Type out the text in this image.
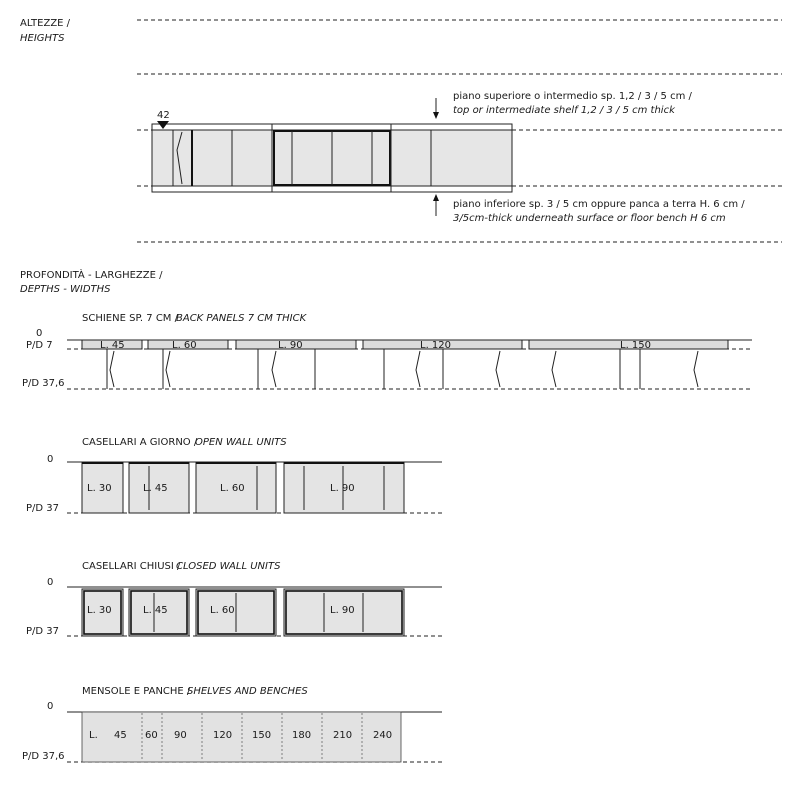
ALTEZZE /
HEIGHTS
42
piano superiore o intermedio sp. 1,2 / 3 / 5 cm /
top or intermediate shelf 1,2 / 3 / 5 cm thick
piano inferiore sp. 3 / 5 cm oppure panca a terra H. 6 cm /
3/5cm-thick underneath surface or floor bench H 6 cm
PROFONDITÀ - LARGHEZZE /
DEPTHS - WIDTHS
SCHIENE SP. 7 CM /
BACK PANELS 7 CM THICK
0
P/D 7
P/D 37,6
L. 45	L. 60	L. 90	L. 120	L. 150
CASELLARI A GIORNO /
OPEN WALL UNITS
0
P/D 37
L. 30	L. 45	L. 60	L. 90
CASELLARI CHIUSI /
CLOSED WALL UNITS
0
P/D 37
L. 30	L. 45	L. 60	L. 90
MENSOLE E PANCHE /
SHELVES AND BENCHES
0
P/D 37,6
L. 45 60 90	120 150 180 210 240
